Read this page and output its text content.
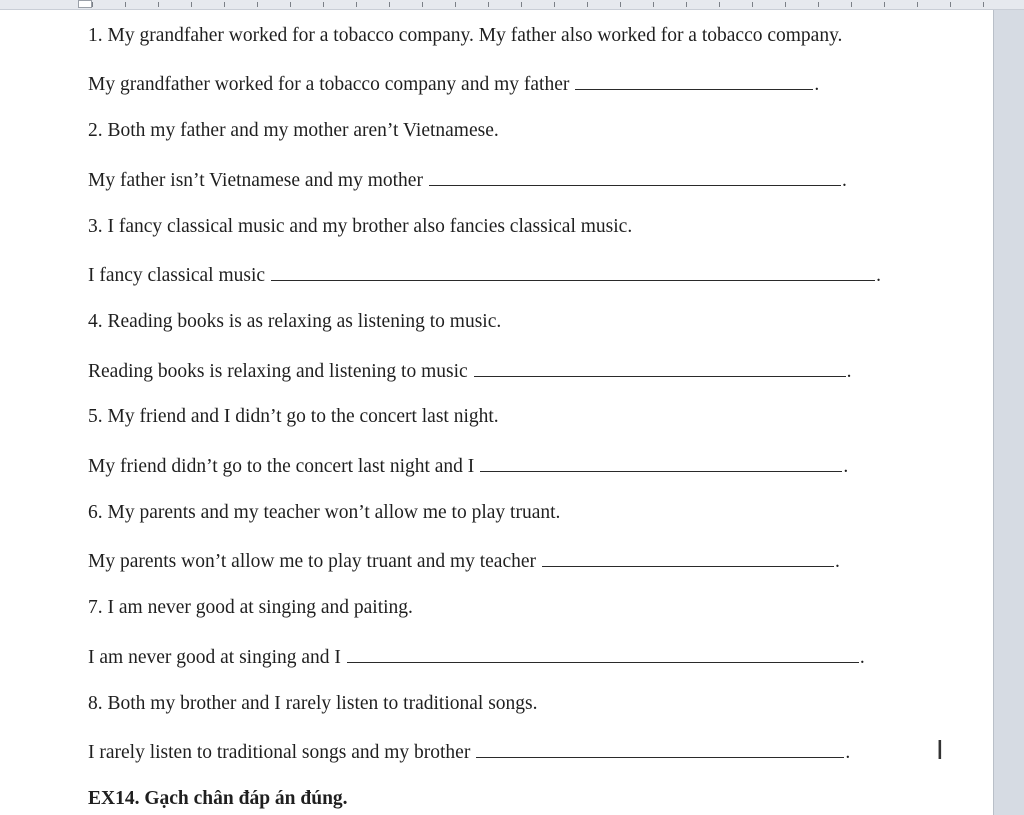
1. My grandfaher worked for a tobacco company. My father also worked for a tobacco company.
My grandfather worked for a tobacco company and my father	.
2. Both my father and my mother aren’t Vietnamese.
My father isn’t Vietnamese and my mother	.
3. I fancy classical music and my brother also fancies classical music.
I fancy classical music	.
4. Reading books is as relaxing as listening to music.
Reading books is relaxing and listening to music	.
5. My friend and I didn’t go to the concert last night.
My friend didn’t go to the concert last night and I	.
6. My parents and my teacher won’t allow me to play truant.
My parents won’t allow me to play truant and my teacher	.
7. I am never good at singing and paiting.
I am never good at singing and I	.
8. Both my brother and I rarely listen to traditional songs.
I rarely listen to traditional songs and my brother	.
EX14. Gạch chân đáp án đúng.
I
